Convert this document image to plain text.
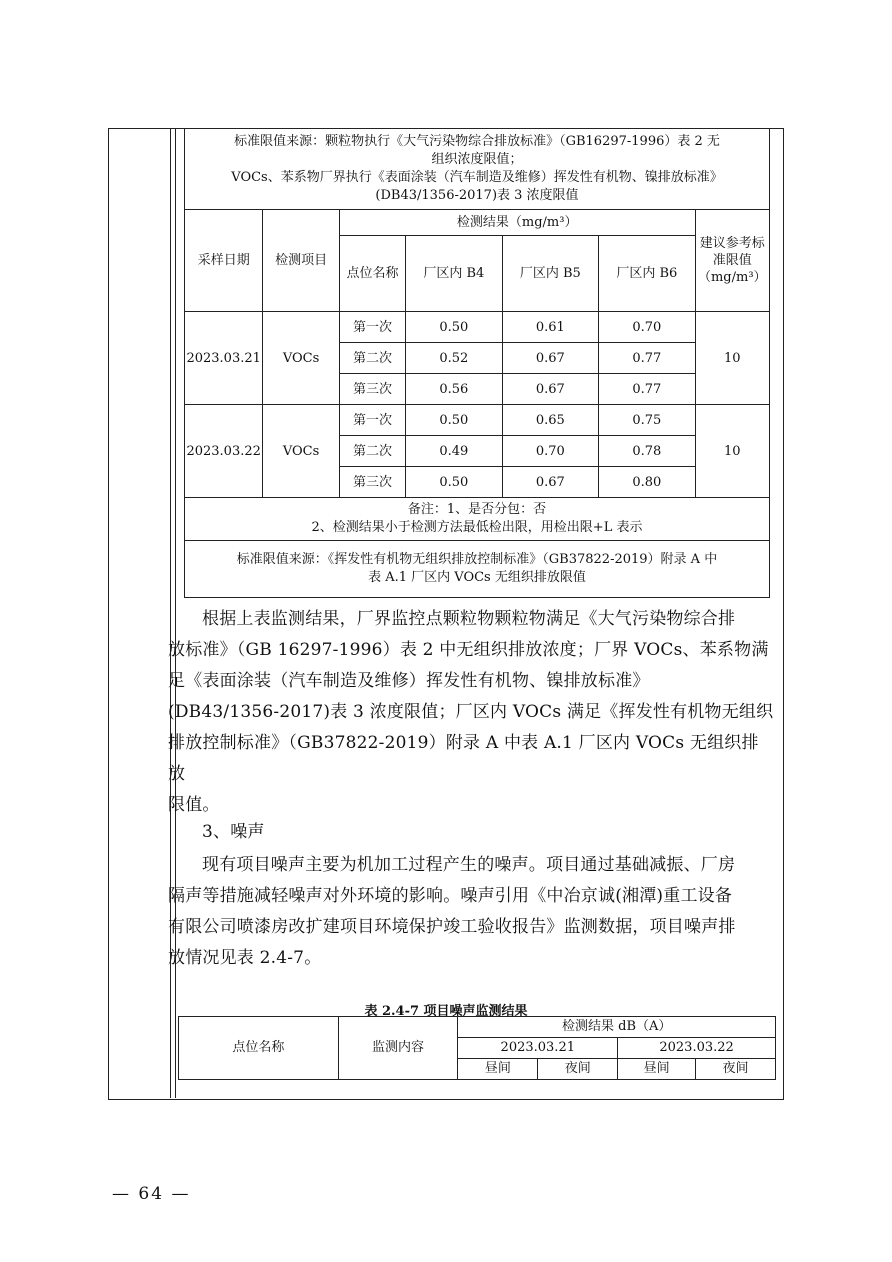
标准限值来源：颗粒物执行《大气污染物综合排放标准》（GB16297-1996）表 2 无
组织浓度限值；
VOCs、苯系物厂界执行《表面涂装（汽车制造及维修）挥发性有机物、镍排放标准》
(DB43/1356-2017)表 3 浓度限值						

采样日期	检测项目	检测结果（mg/m³）				建议参考标准限值（mg/m³）
		点位名称	厂区内 B4	厂区内 B5	厂区内 B6	
2023.03.21	VOCs	第一次	0.50	0.61	0.70	10
		第二次	0.52	0.67	0.77	
		第三次	0.56	0.67	0.77	
2023.03.22	VOCs	第一次	0.50	0.65	0.75	10
		第二次	0.49	0.70	0.78	
		第三次	0.50	0.67	0.80	

备注：1、是否分包：否
2、检测结果小于检测方法最低检出限，用检出限+L 表示						

标准限值来源：《挥发性有机物无组织排放控制标准》（GB37822-2019）附录 A 中
表 A.1 厂区内 VOCs 无组织排放限值						
根据上表监测结果，厂界监控点颗粒物颗粒物满足《大气污染物综合排
放标准》（GB 16297-1996）表 2 中无组织排放浓度；厂界 VOCs、苯系物满
足《表面涂装（汽车制造及维修）挥发性有机物、镍排放标准》
(DB43/1356-2017)表 3 浓度限值；厂区内 VOCs 满足《挥发性有机物无组织
排放控制标准》（GB37822-2019）附录 A 中表 A.1 厂区内 VOCs 无组织排放
限值。
3、噪声
现有项目噪声主要为机加工过程产生的噪声。项目通过基础减振、厂房
隔声等措施减轻噪声对外环境的影响。噪声引用《中冶京诚(湘潭)重工设备
有限公司喷漆房改扩建项目环境保护竣工验收报告》监测数据，项目噪声排
放情况见表 2.4-7。
表 2.4-7 项目噪声监测结果
点位名称	监测内容	检测结果 dB（A）			
		2023.03.21		2023.03.22	
		昼间	夜间	昼间	夜间
— 64 —
